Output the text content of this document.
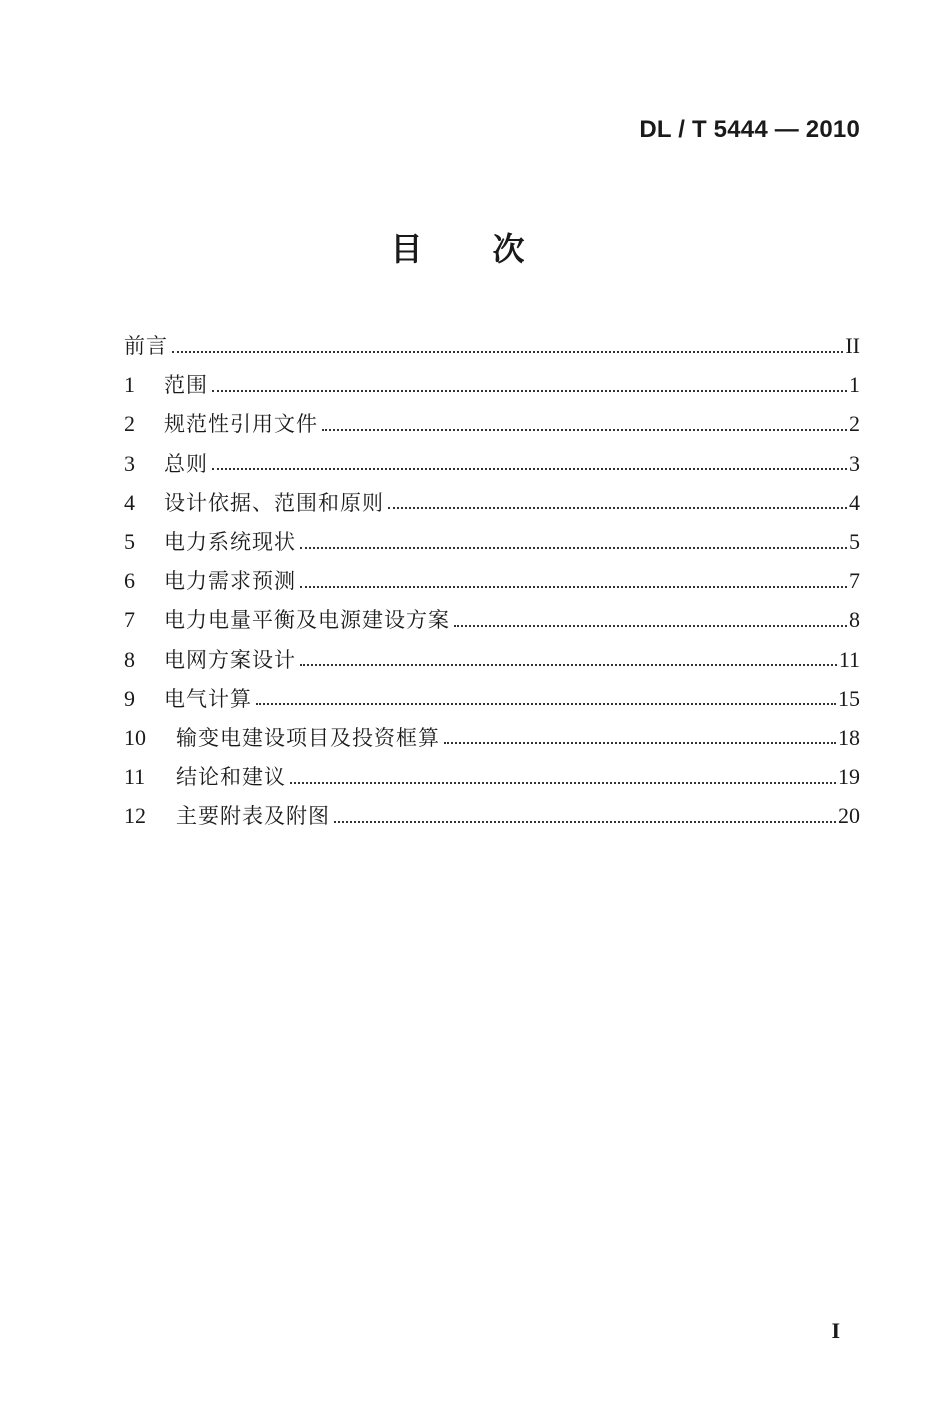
DL / T 5444 — 2010
目次
前言	II
1	范围	1
2	规范性引用文件	2
3	总则	3
4	设计依据、范围和原则	4
5	电力系统现状	5
6	电力需求预测	7
7	电力电量平衡及电源建设方案	8
8	电网方案设计	11
9	电气计算	15
10	输变电建设项目及投资框算	18
11	结论和建议	19
12	主要附表及附图	20
I
